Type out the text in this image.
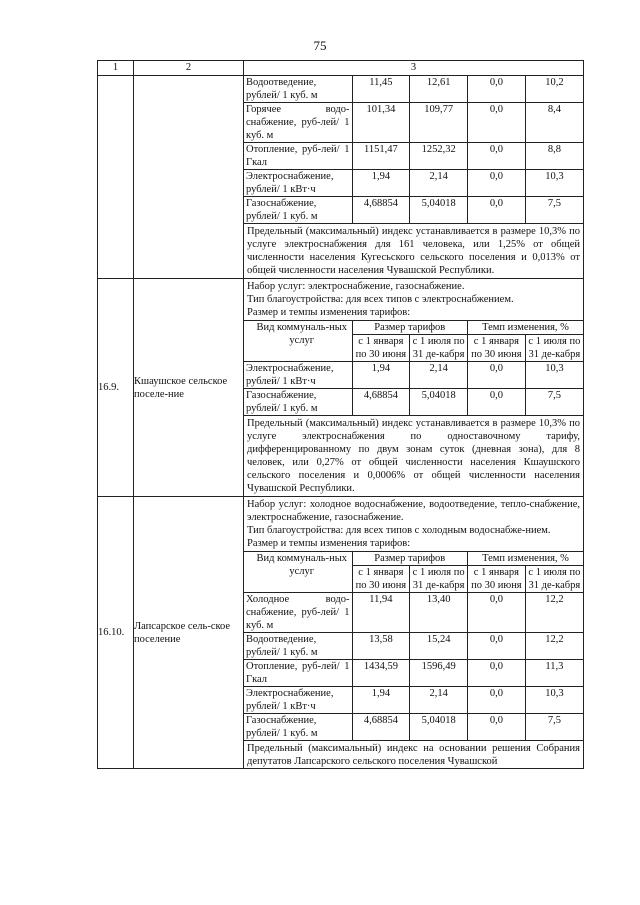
75
1	2	3

Водоотведение, рублей/ 1 куб. м	11,45	12,61	0,0	10,2
Горячее водо-снабжение, руб-лей/ 1 куб. м	101,34	109,77	0,0	8,4
Отопление, руб-лей/ 1 Гкал	1151,47	1252,32	0,0	8,8
Электроснабжение, рублей/ 1 кВт·ч	1,94	2,14	0,0	10,3
Газоснабжение, рублей/ 1 куб. м	4,68854	5,04018	0,0	7,5
Предельный (максимальный) индекс устанавливается в размере 10,3% по услуге электроснабжения для 161 человека, или 1,25% от общей численности населения Кугесьского сельского поселения и 0,013% от общей численности населения Чувашской Республики.

16.9.	Кшаушское сельское поселе-ние	
Набор услуг: электроснабжение, газоснабжение.
Тип благоустройства: для всех типов с электроснабжением.
Размер и темпы изменения тарифов:
Вид коммуналь-ных услуг	Размер тарифов	Темп изменения, %
с 1 января по 30 июня	с 1 июля по 31 де-кабря	с 1 января по 30 июня	с 1 июля по 31 де-кабря
Электроснабжение, рублей/ 1 кВт·ч	1,94	2,14	0,0	10,3
Газоснабжение, рублей/ 1 куб. м	4,68854	5,04018	0,0	7,5
Предельный (максимальный) индекс устанавливается в размере 10,3% по услуге электроснабжения по одноставочному тарифу, дифференцированному по двум зонам суток (дневная зона), для 8 человек, или 0,27% от общей численности населения Кшаушского сельского поселения и 0,0006% от общей численности населения Чувашской Республики.

16.10.	Лапсарское сель-ское поселение	
Набор услуг: холодное водоснабжение, водоотведение, тепло-снабжение, электроснабжение, газоснабжение.
Тип благоустройства: для всех типов с холодным водоснабже-нием.
Размер и темпы изменения тарифов:
Вид коммуналь-ных услуг	Размер тарифов	Темп изменения, %
с 1 января по 30 июня	с 1 июля по 31 де-кабря	с 1 января по 30 июня	с 1 июля по 31 де-кабря
Холодное водо-снабжение, руб-лей/ 1 куб. м	11,94	13,40	0,0	12,2
Водоотведение, рублей/ 1 куб. м	13,58	15,24	0,0	12,2
Отопление, руб-лей/ 1 Гкал	1434,59	1596,49	0,0	11,3
Электроснабжение, рублей/ 1 кВт·ч	1,94	2,14	0,0	10,3
Газоснабжение, рублей/ 1 куб. м	4,68854	5,04018	0,0	7,5
Предельный (максимальный) индекс на основании решения Собрания депутатов Лапсарского сельского поселения Чувашской
